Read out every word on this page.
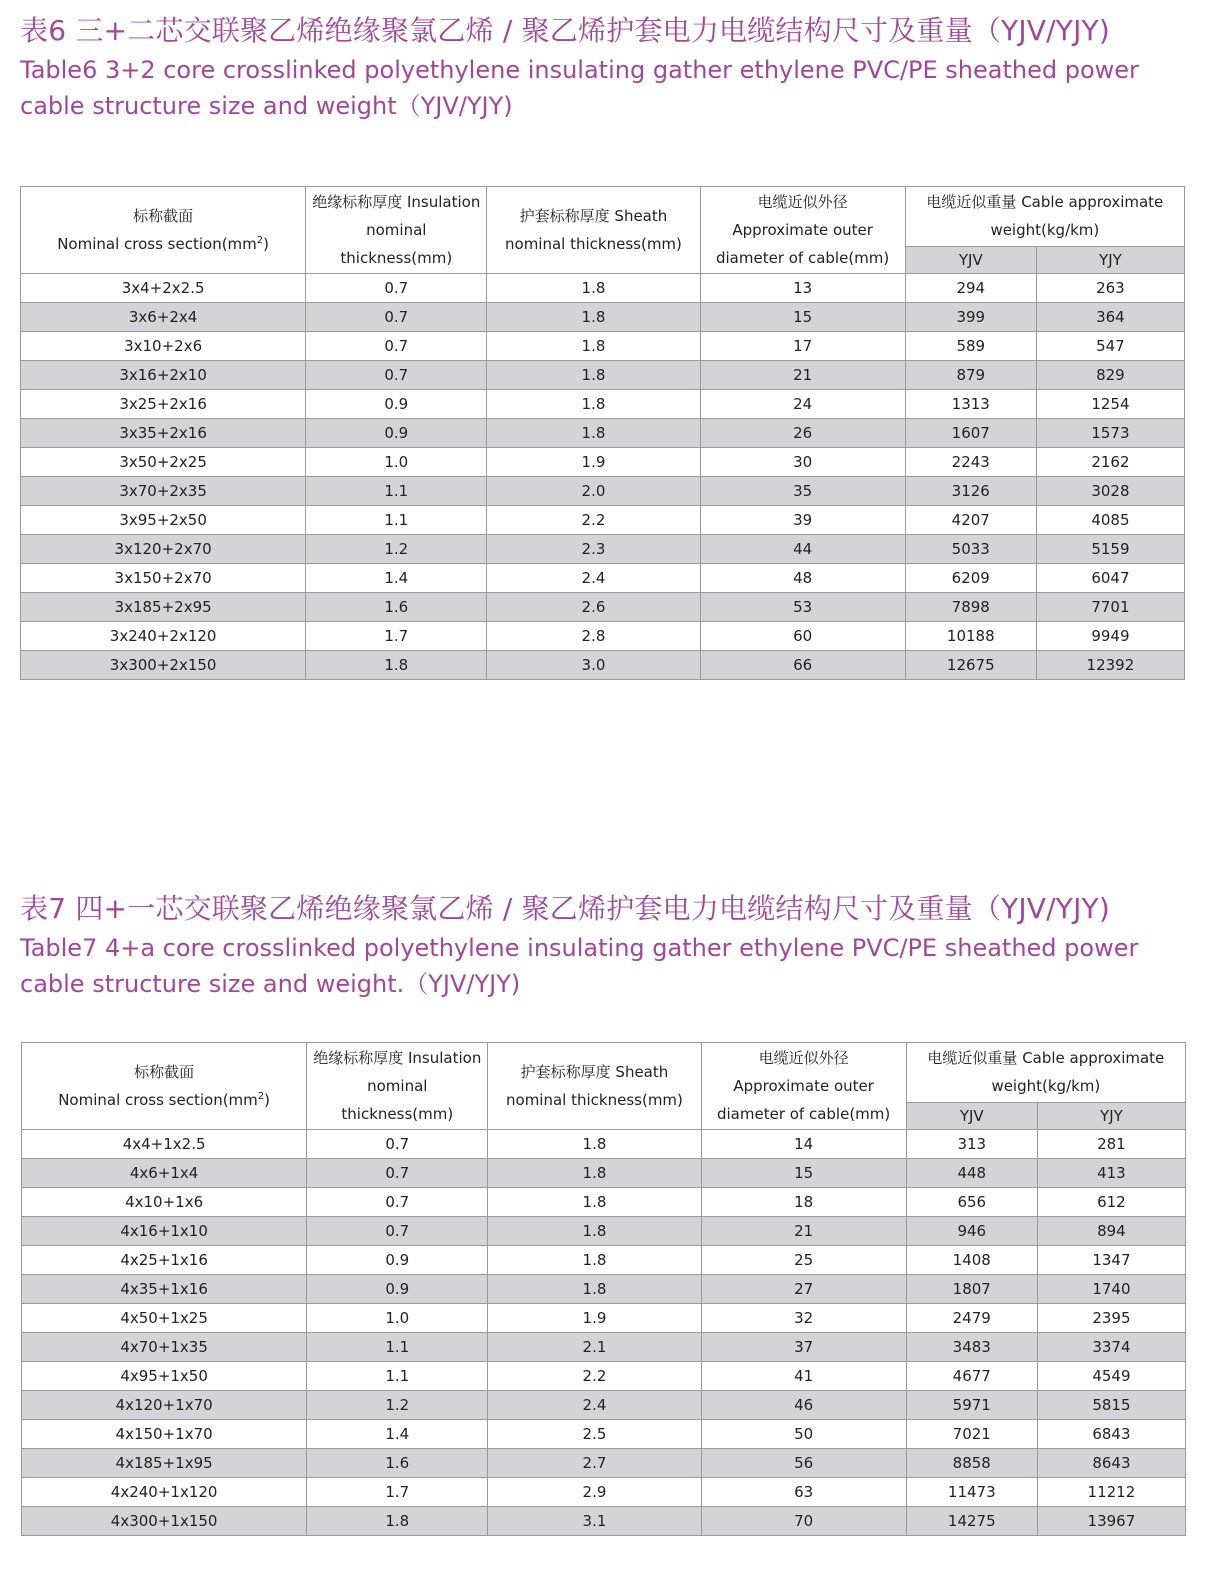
表6 三+二芯交联聚乙烯绝缘聚氯乙烯 / 聚乙烯护套电力电缆结构尺寸及重量（YJV/YJY)
Table6 3+2 core crosslinked polyethylene insulating gather ethylene PVC/PE sheathed power cable structure size and weight（YJV/YJY)
标称截面
Nominal cross $section(mm^2)$	绝缘标称厚度 Insulation
nominal
thickness(mm)	护套标称厚度 Sheath
nominal thickness(mm)	电缆近似外径
Approximate outer
diameter of cable(mm)	电缆近似重量 Cable approximate
weight(kg/km)	

				YJV	YJY
3x4+2x2.5	0.7	1.8	13	294	263
3x6+2x4	0.7	1.8	15	399	364
3x10+2x6	0.7	1.8	17	589	547
3x16+2x10	0.7	1.8	21	879	829
3x25+2x16	0.9	1.8	24	1313	1254
3x35+2x16	0.9	1.8	26	1607	1573
3x50+2x25	1.0	1.9	30	2243	2162
3x70+2x35	1.1	2.0	35	3126	3028
3x95+2x50	1.1	2.2	39	4207	4085
3x120+2x70	1.2	2.3	44	5033	5159
3x150+2x70	1.4	2.4	48	6209	6047
3x185+2x95	1.6	2.6	53	7898	7701
3x240+2x120	1.7	2.8	60	10188	9949
3x300+2x150	1.8	3.0	66	12675	12392
表7 四+一芯交联聚乙烯绝缘聚氯乙烯 / 聚乙烯护套电力电缆结构尺寸及重量（YJV/YJY)
Table7 4+a core crosslinked polyethylene insulating gather ethylene PVC/PE sheathed power cable structure size and weight.（YJV/YJY)
标称截面
Nominal cross $section(mm^2)$	绝缘标称厚度 Insulation
nominal
thickness(mm)	护套标称厚度 Sheath
nominal thickness(mm)	电缆近似外径
Approximate outer
diameter of cable(mm)	电缆近似重量 Cable approximate
weight(kg/km)	

				YJV	YJY
4x4+1x2.5	0.7	1.8	14	313	281
4x6+1x4	0.7	1.8	15	448	413
4x10+1x6	0.7	1.8	18	656	612
4x16+1x10	0.7	1.8	21	946	894
4x25+1x16	0.9	1.8	25	1408	1347
4x35+1x16	0.9	1.8	27	1807	1740
4x50+1x25	1.0	1.9	32	2479	2395
4x70+1x35	1.1	2.1	37	3483	3374
4x95+1x50	1.1	2.2	41	4677	4549
4x120+1x70	1.2	2.4	46	5971	5815
4x150+1x70	1.4	2.5	50	7021	6843
4x185+1x95	1.6	2.7	56	8858	8643
4x240+1x120	1.7	2.9	63	11473	11212
4x300+1x150	1.8	3.1	70	14275	13967
